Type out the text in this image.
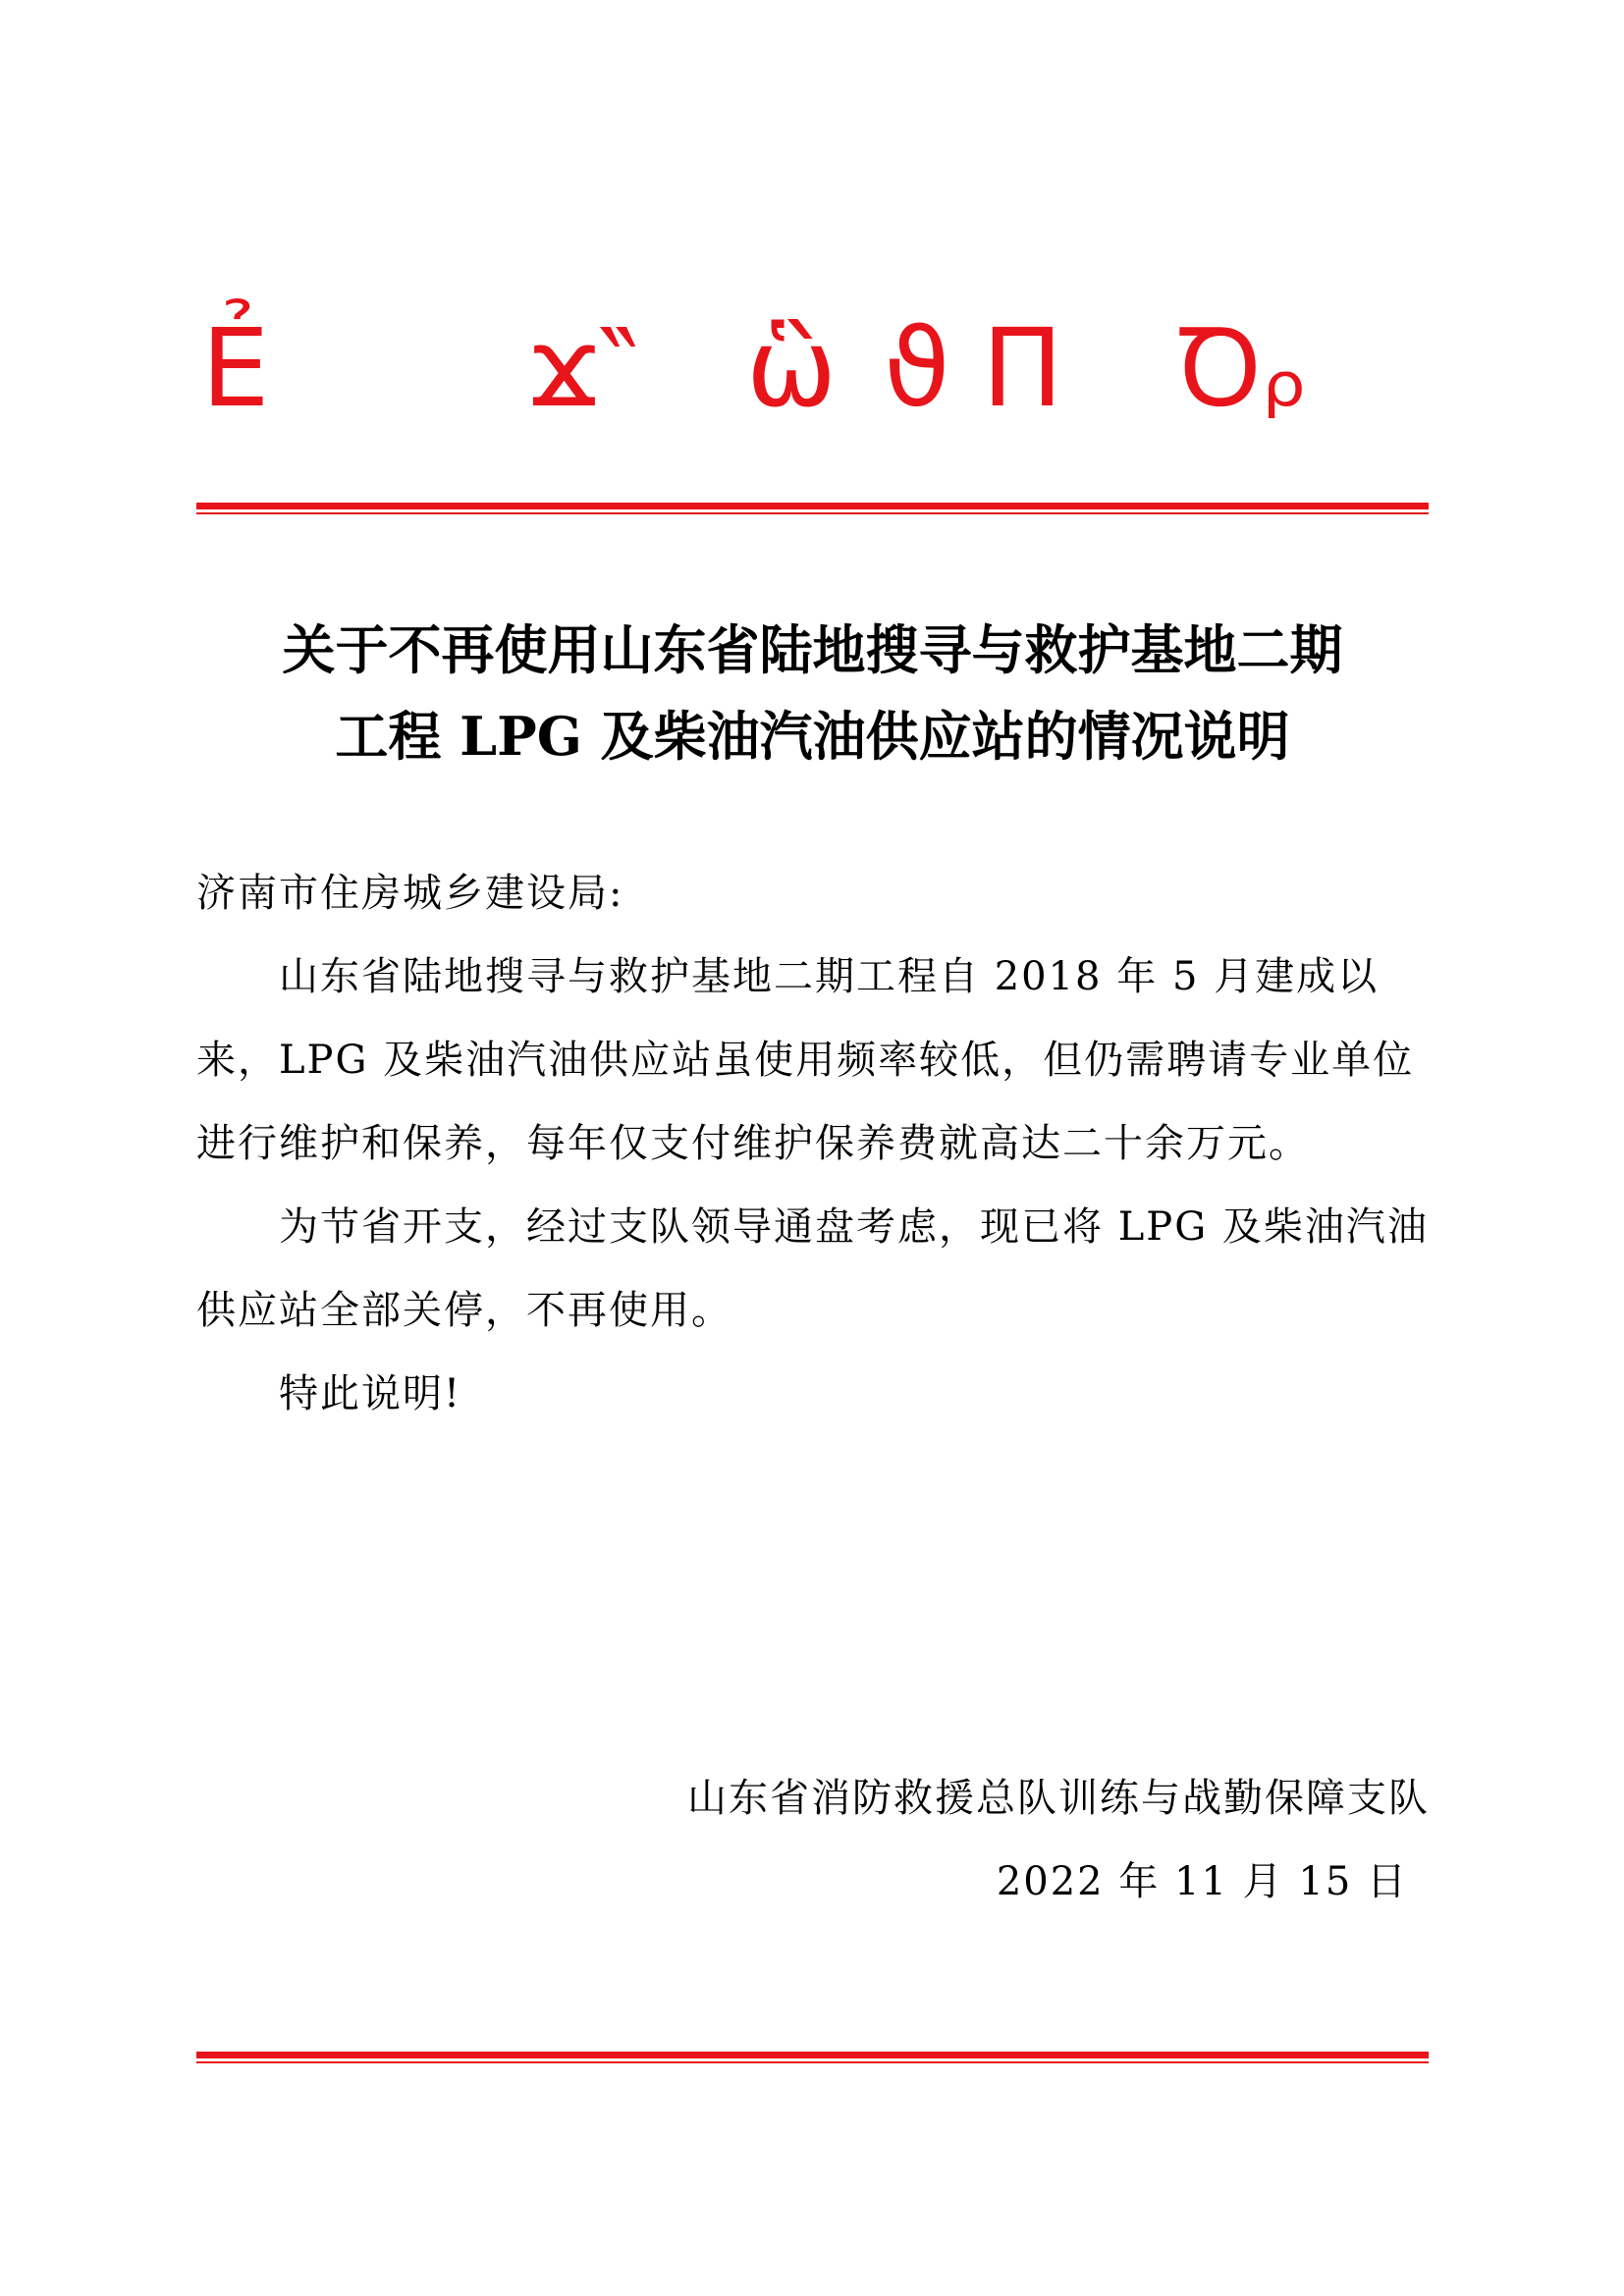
Ẻ ϫ‶ ὣ ϑ Π Ꝺᵨ
关于不再使用山东省陆地搜寻与救护基地二期
工程 LPG 及柴油汽油供应站的情况说明

济南市住房城乡建设局:

山东省陆地搜寻与救护基地二期工程自 2018 年 5 月建成以来，LPG 及柴油汽油供应站虽使用频率较低，但仍需聘请专业单位进行维护和保养，每年仅支付维护保养费就高达二十余万元。

为节省开支，经过支队领导通盘考虑，现已将 LPG 及柴油汽油供应站全部关停，不再使用。

特此说明!

山东省消防救援总队训练与战勤保障支队
2022 年 11 月 15 日
